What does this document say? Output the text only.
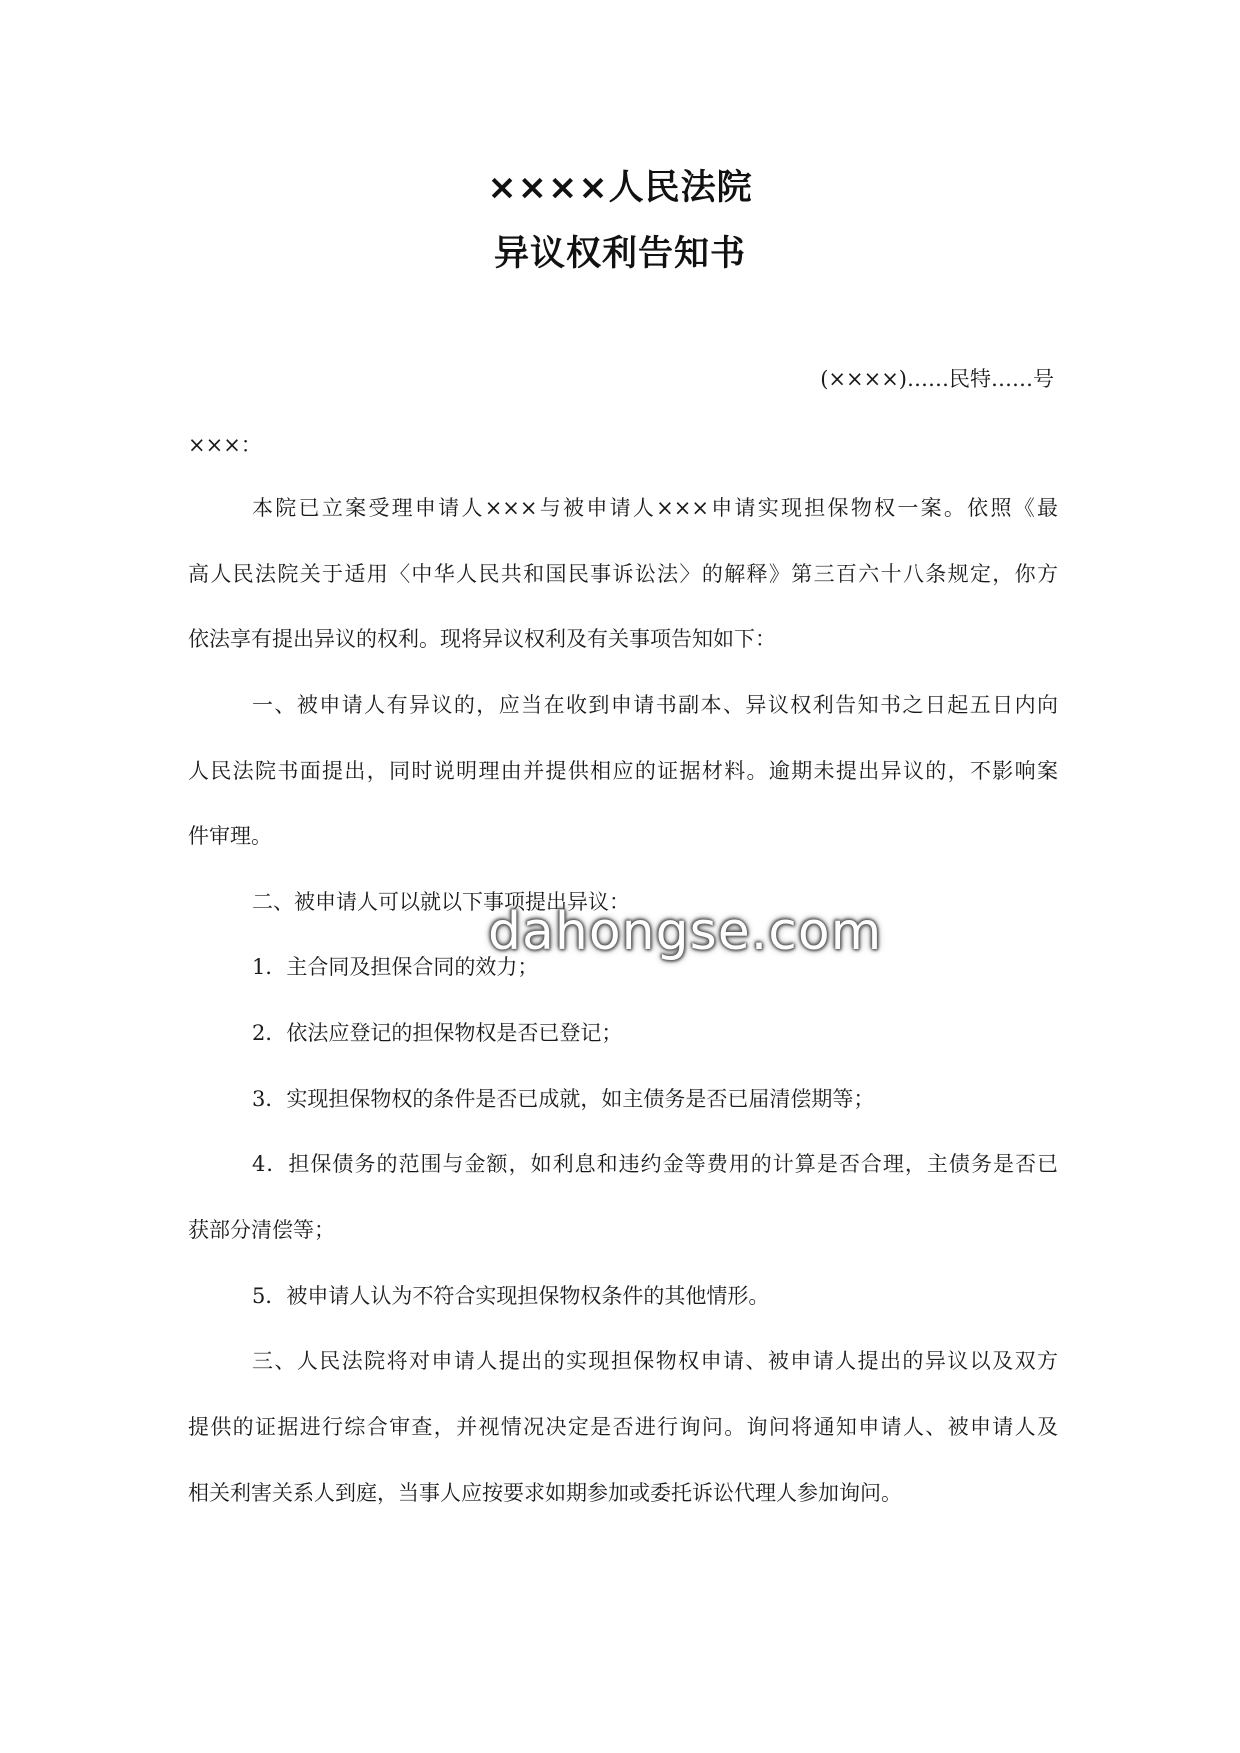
××××人民法院
异议权利告知书
(××××)……民特……号
×××：
本院已立案受理申请人×××与被申请人×××申请实现担保物权一案。依照《最
高人民法院关于适用〈中华人民共和国民事诉讼法〉的解释》第三百六十八条规定，你方
依法享有提出异议的权利。现将异议权利及有关事项告知如下：
一、被申请人有异议的，应当在收到申请书副本、异议权利告知书之日起五日内向
人民法院书面提出，同时说明理由并提供相应的证据材料。逾期未提出异议的，不影响案
件审理。
二、被申请人可以就以下事项提出异议：
1．主合同及担保合同的效力；
2．依法应登记的担保物权是否已登记；
3．实现担保物权的条件是否已成就，如主债务是否已届清偿期等；
4．担保债务的范围与金额，如利息和违约金等费用的计算是否合理，主债务是否已
获部分清偿等；
5．被申请人认为不符合实现担保物权条件的其他情形。
三、人民法院将对申请人提出的实现担保物权申请、被申请人提出的异议以及双方
提供的证据进行综合审查，并视情况决定是否进行询问。询问将通知申请人、被申请人及
相关利害关系人到庭，当事人应按要求如期参加或委托诉讼代理人参加询问。
dahongse.com
